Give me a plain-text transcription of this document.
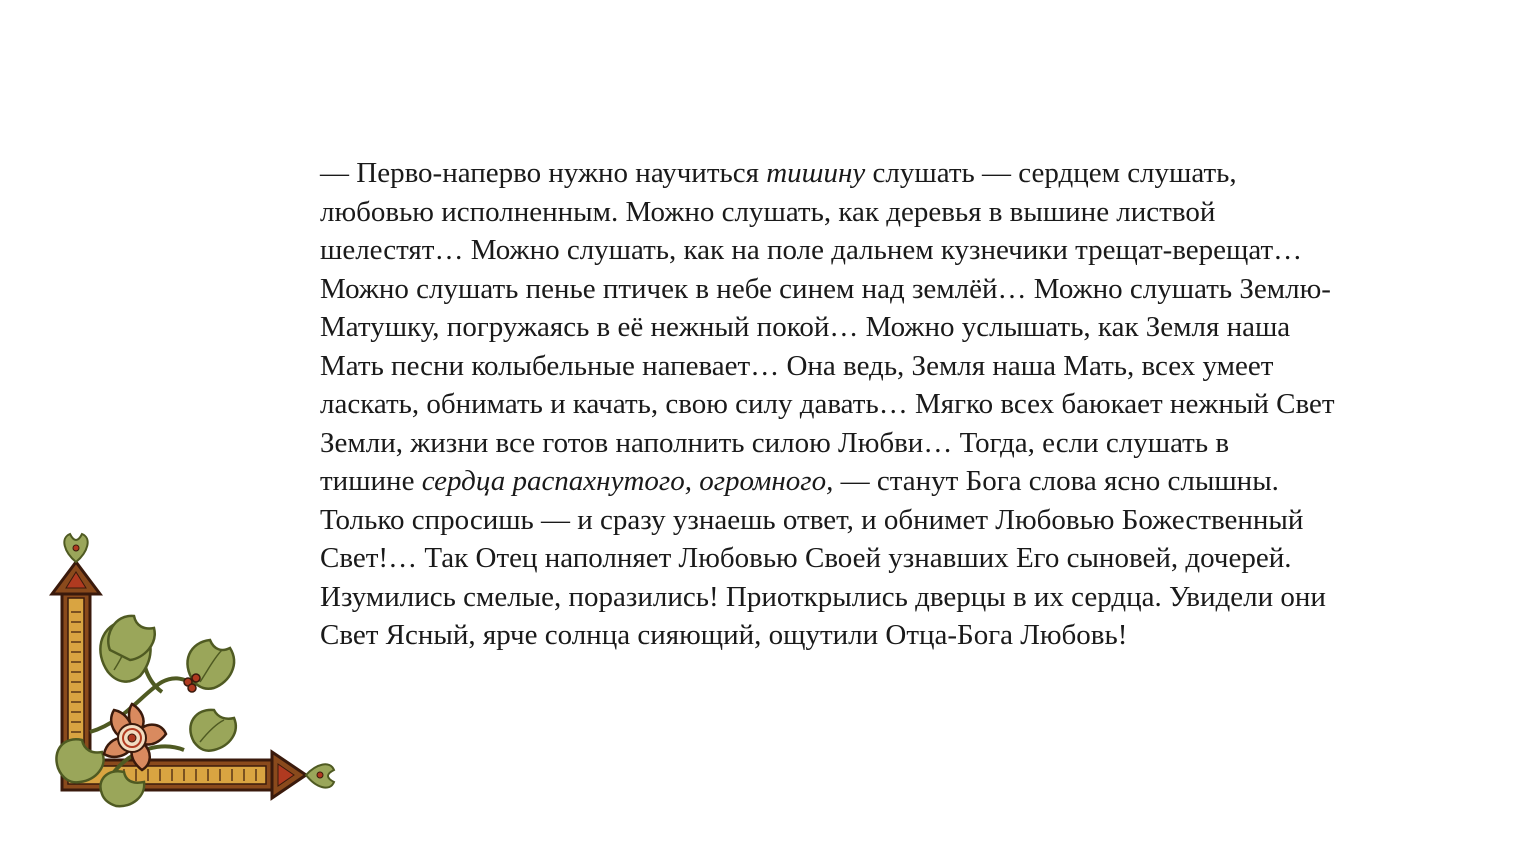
— Перво-наперво нужно научиться тишину слушать — сердцем слушать,
любовью исполненным. Можно слушать, как деревья в вышине листвой
шелестят… Можно слушать, как на поле дальнем кузнечики трещат-верещат…
Можно слушать пенье птичек в небе синем над землёй… Можно слушать Землю-
Матушку, погружаясь в её нежный покой… Можно услышать, как Земля наша
Мать песни колыбельные напевает… Она ведь, Земля наша Мать, всех умеет
ласкать, обнимать и качать, свою силу давать… Мягко всех баюкает нежный Свет
Земли, жизни все готов наполнить силою Любви… Тогда, если слушать в
тишине сердца распахнутого, огромного, — станут Бога слова ясно слышны.
Только спросишь — и сразу узнаешь ответ, и обнимет Любовью Божественный
Свет!… Так Отец наполняет Любовью Своей узнавших Его сыновей, дочерей.
Изумились смелые, поразились! Приоткрылись дверцы в их сердца. Увидели они
Свет Ясный, ярче солнца сияющий, ощутили Отца-Бога Любовь!
